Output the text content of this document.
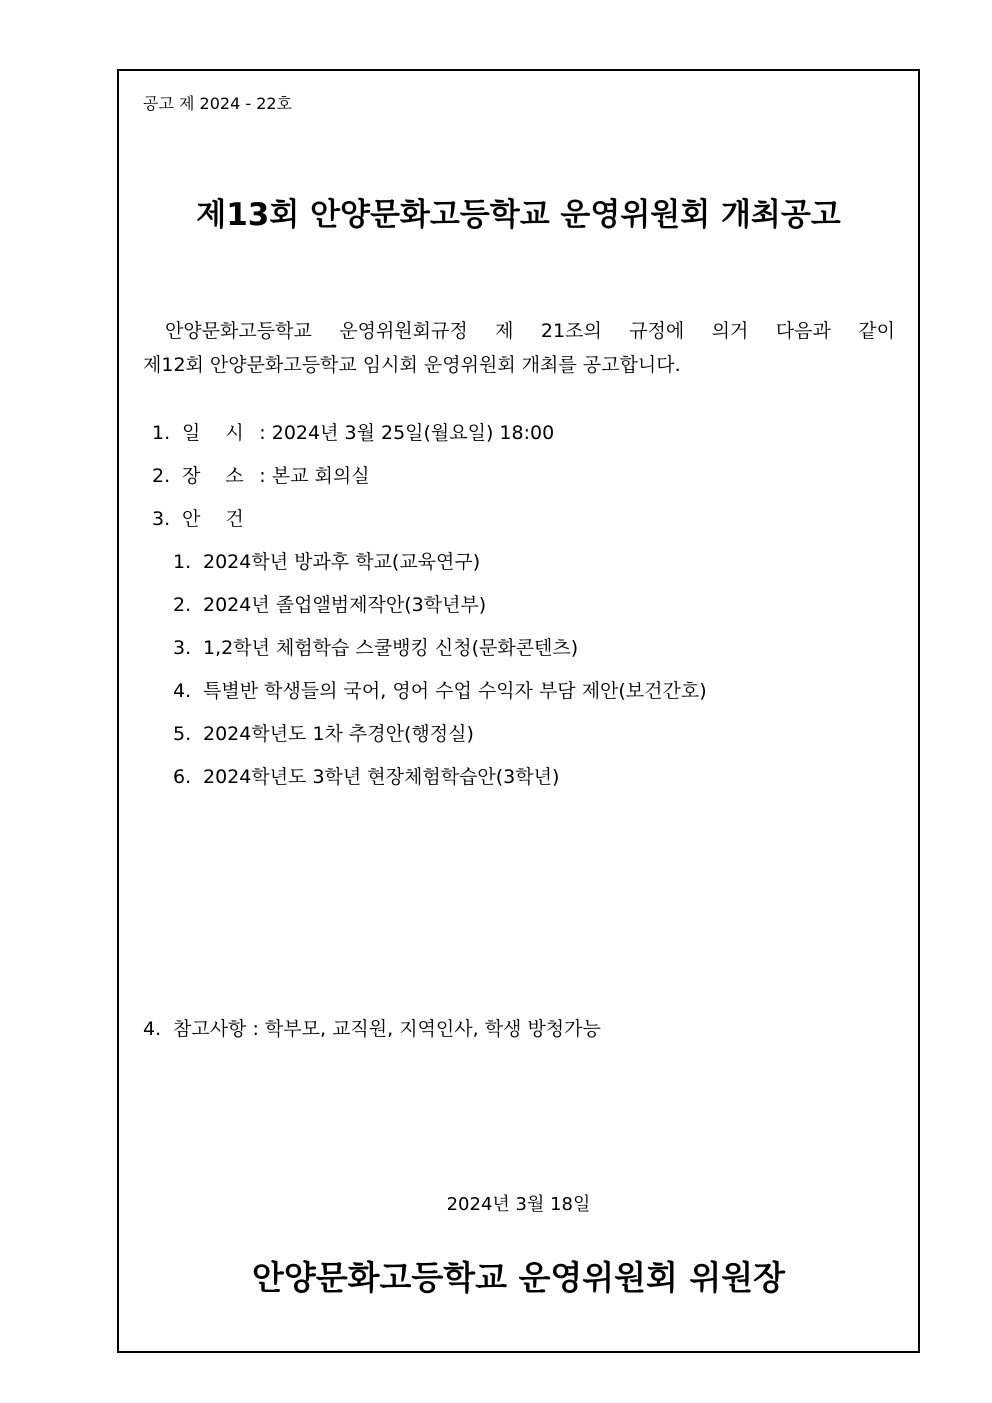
공고 제 2024 - 22호
제13회 안양문화고등학교 운영위원회 개최공고
안양문화고등학교 운영위원회규정 제 21조의 규정에 의거 다음과 같이
제12회 안양문화고등학교 임시회 운영위원회 개최를 공고합니다.
1. 일 시 : 2024년 3월 25일(월요일) 18:00
2. 장 소 : 본교 회의실
3. 안 건
1. 2024학년 방과후 학교(교육연구)
2. 2024년 졸업앨범제작안(3학년부)
3. 1,2학년 체험학습 스쿨뱅킹 신청(문화콘텐츠)
4. 특별반 학생들의 국어, 영어 수업 수익자 부담 제안(보건간호)
5. 2024학년도 1차 추경안(행정실)
6. 2024학년도 3학년 현장체험학습안(3학년)
4. 참고사항 : 학부모, 교직원, 지역인사, 학생 방청가능
2024년 3월 18일
안양문화고등학교 운영위원회 위원장
